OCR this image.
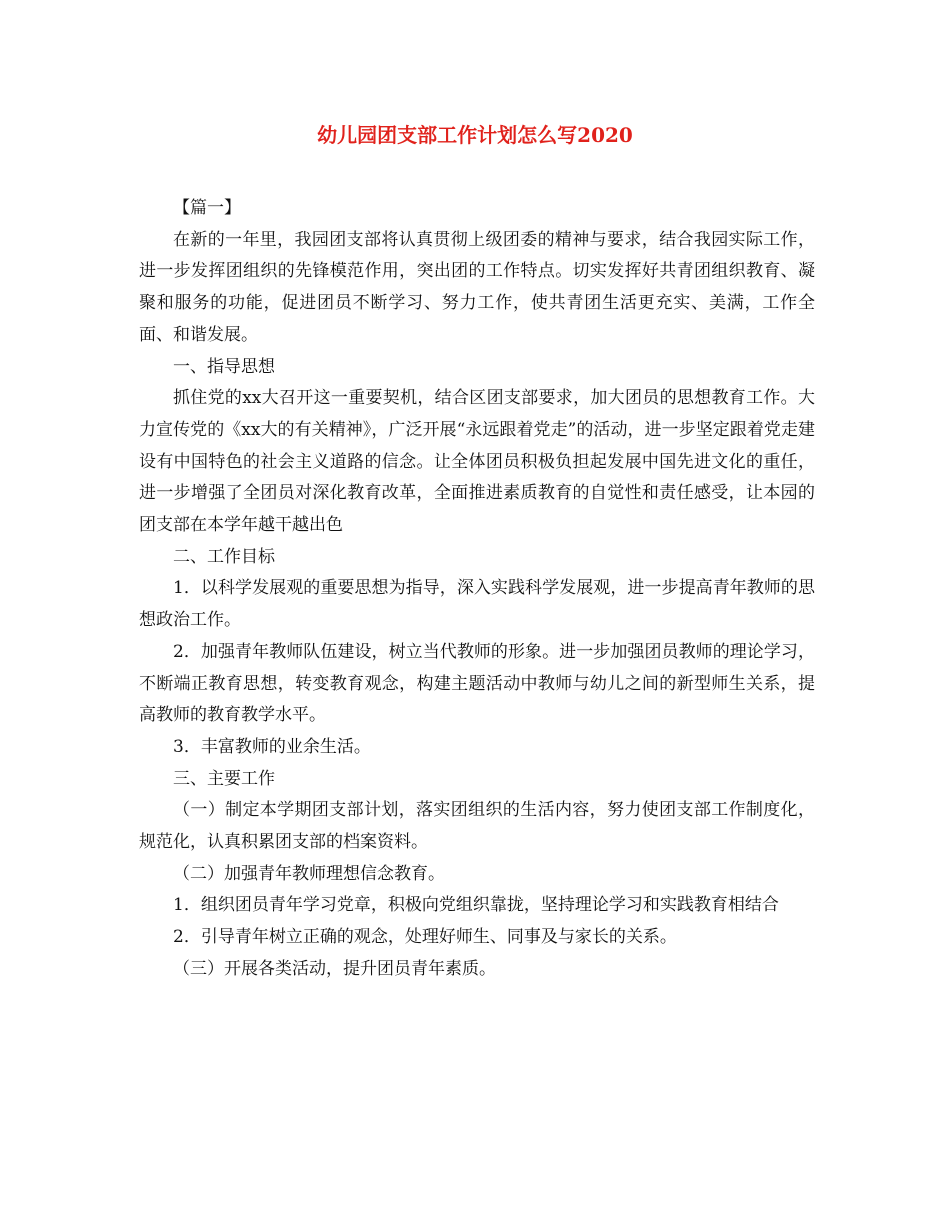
幼儿园团支部工作计划怎么写2020

【篇一】

在新的一年里，我园团支部将认真贯彻上级团委的精神与要求，结合我园实际工作，进一步发挥团组织的先锋模范作用，突出团的工作特点。切实发挥好共青团组织教育、凝聚和服务的功能，促进团员不断学习、努力工作，使共青团生活更充实、美满，工作全面、和谐发展。

一、指导思想

抓住党的xx大召开这一重要契机，结合区团支部要求，加大团员的思想教育工作。大力宣传党的《xx大的有关精神》，广泛开展“永远跟着党走”的活动，进一步坚定跟着党走建设有中国特色的社会主义道路的信念。让全体团员积极负担起发展中国先进文化的重任，进一步增强了全团员对深化教育改革，全面推进素质教育的自觉性和责任感受，让本园的团支部在本学年越干越出色

二、工作目标

1．以科学发展观的重要思想为指导，深入实践科学发展观，进一步提高青年教师的思想政治工作。

2．加强青年教师队伍建设，树立当代教师的形象。进一步加强团员教师的理论学习，不断端正教育思想，转变教育观念，构建主题活动中教师与幼儿之间的新型师生关系，提高教师的教育教学水平。

3．丰富教师的业余生活。

三、主要工作

（一）制定本学期团支部计划，落实团组织的生活内容，努力使团支部工作制度化，规范化，认真积累团支部的档案资料。

（二）加强青年教师理想信念教育。

1．组织团员青年学习党章，积极向党组织靠拢，坚持理论学习和实践教育相结合

2．引导青年树立正确的观念，处理好师生、同事及与家长的关系。

（三）开展各类活动，提升团员青年素质。
